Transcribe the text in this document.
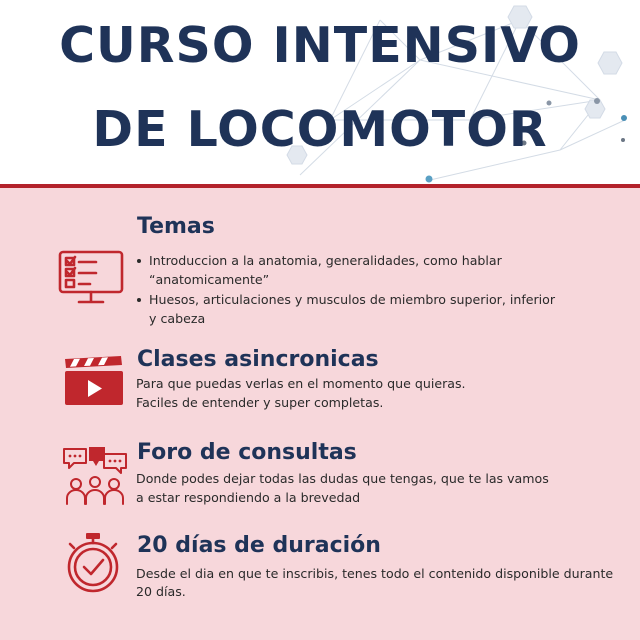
CURSO INTENSIVO
DE LOCOMOTOR
Temas
Introduccion a la anatomia, generalidades, como hablar “anatomicamente”
Huesos, articulaciones y musculos de miembro superior, inferior y cabeza
Clases asincronicas
Para que puedas verlas en el momento que quieras.
Faciles de entender y super completas.
Foro de consultas
Donde podes dejar todas las dudas que tengas, que te las vamos
a estar respondiendo a la brevedad
20 días de duración
Desde el dia en que te inscribis, tenes todo el contenido disponible durante
20 días.
